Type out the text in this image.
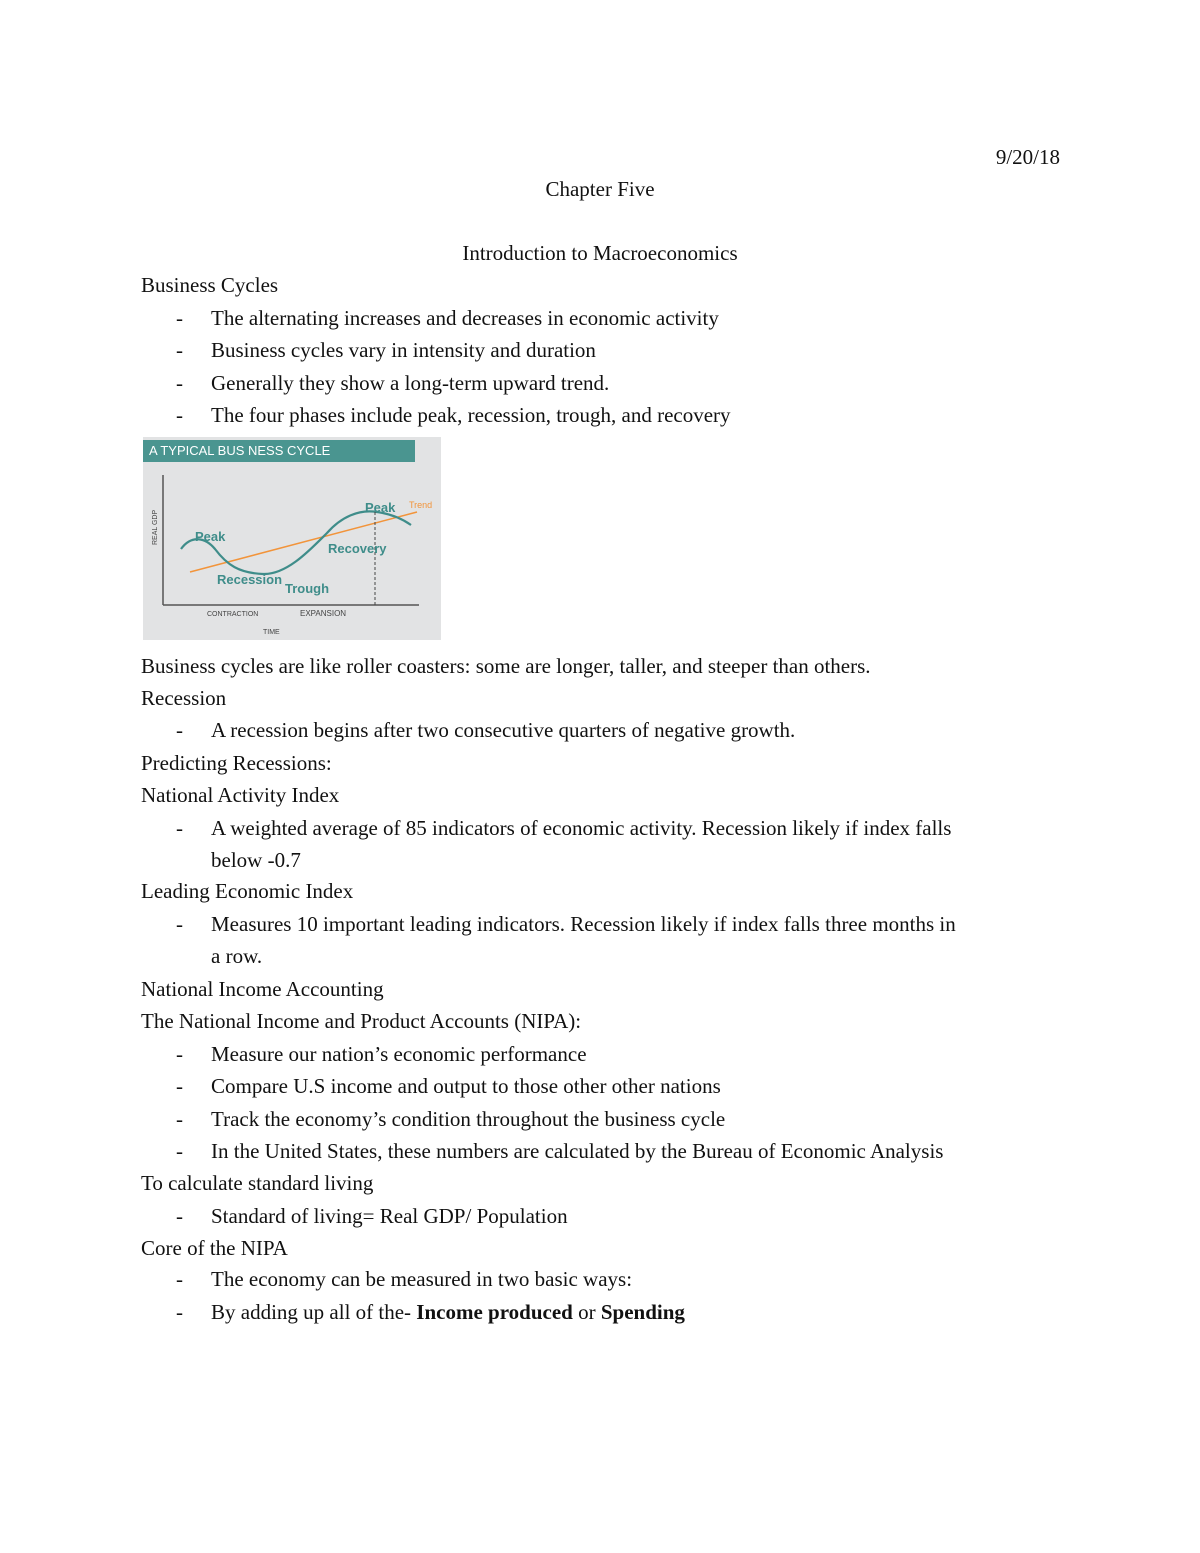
9/20/18
Chapter Five
Introduction to Macroeconomics
Business Cycles
- The alternating increases and decreases in economic activity
- Business cycles vary in intensity and duration
- Generally they show a long-term upward trend.
- The four phases include peak, recession, trough, and recovery
A TYPICAL BUS NESS CYCLE
REAL GDP
TIME
CONTRACTION	EXPANSION
Trend
Peak
Peak
Recession
Trough
Recovery
Business cycles are like roller coasters: some are longer, taller, and steeper than others.
Recession
- A recession begins after two consecutive quarters of negative growth.
Predicting Recessions:
National Activity Index
- A weighted average of 85 indicators of economic activity. Recession likely if index falls
below -0.7
Leading Economic Index
- Measures 10 important leading indicators. Recession likely if index falls three months in
a row.
National Income Accounting
The National Income and Product Accounts (NIPA):
- Measure our nation’s economic performance
- Compare U.S income and output to those other other nations
- Track the economy’s condition throughout the business cycle
- In the United States, these numbers are calculated by the Bureau of Economic Analysis
To calculate standard living
- Standard of living= Real GDP/ Population
Core of the NIPA
- The economy can be measured in two basic ways:
- By adding up all of the- Income produced or Spending
